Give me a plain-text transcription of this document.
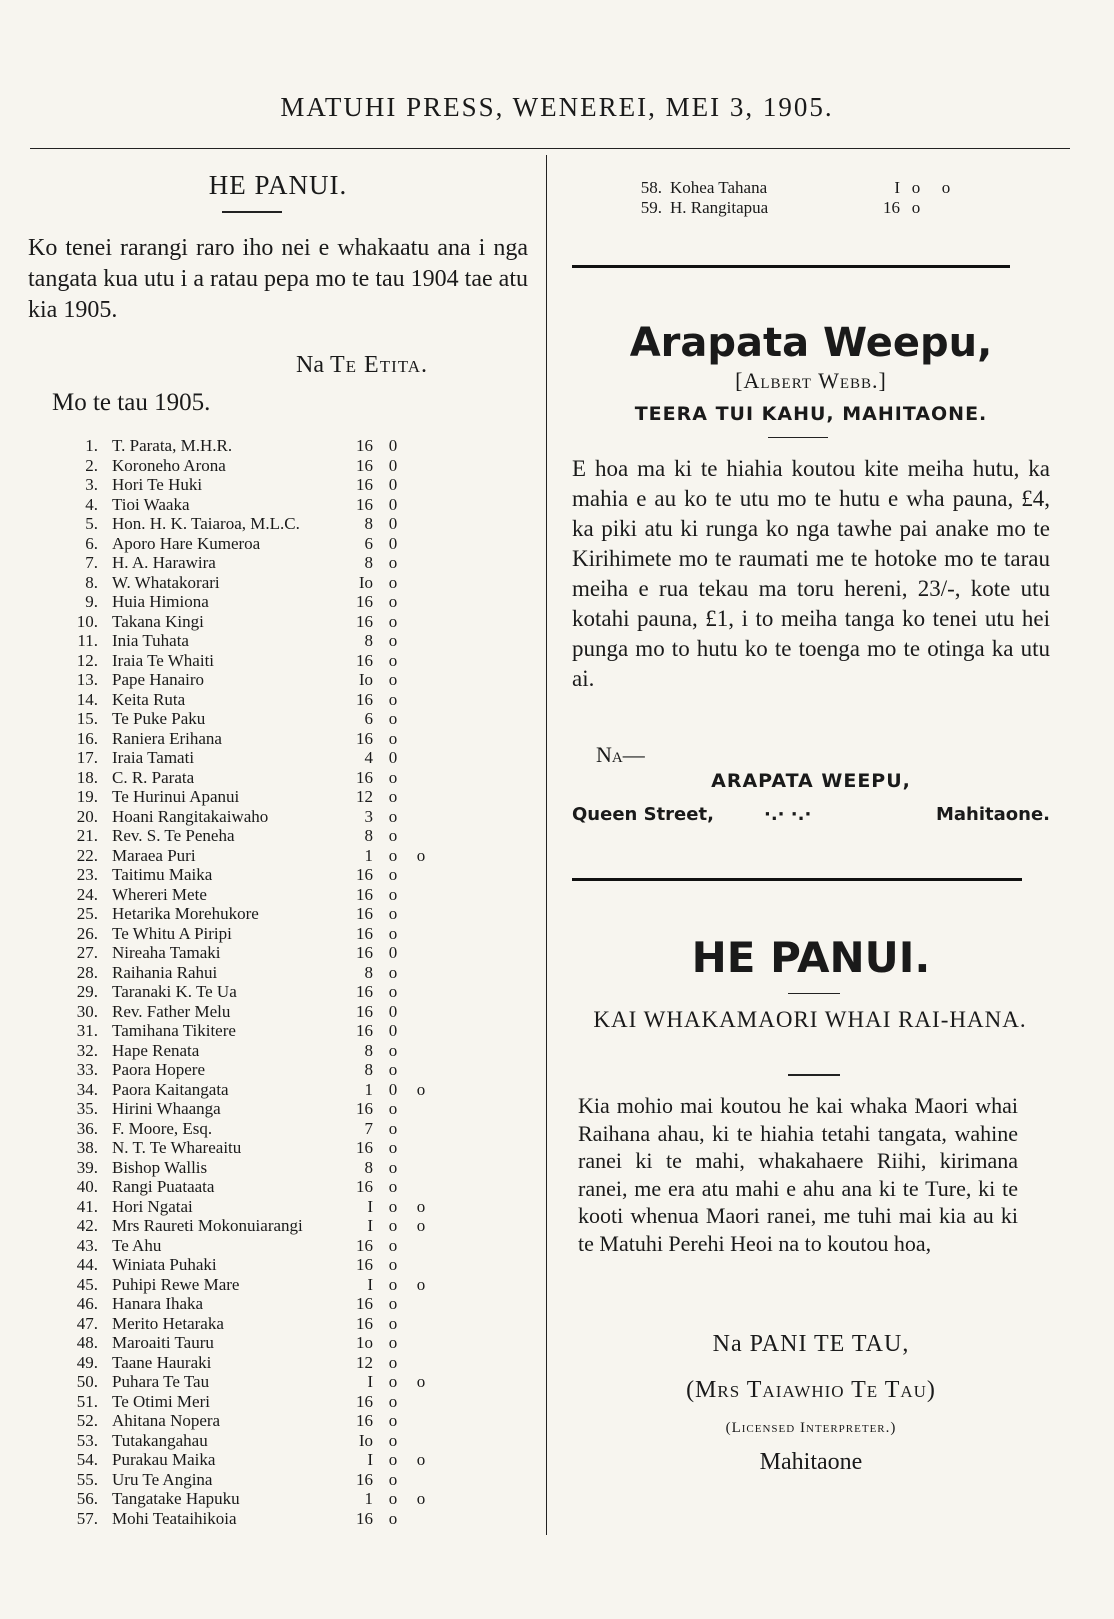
MATUHI PRESS, WENEREI, MEI 3, 1905.
HE PANUI.
Ko tenei rarangi raro iho nei e whakaatu ana i nga tangata kua utu i a ratau pepa mo te tau 1904 tae atu kia 1905.
Na Te Etita.
Mo te tau 1905.
1. T. Parata, M.H.R.	16 0
2. Koroneho Arona	16 0
3. Hori Te Huki	16 0
4. Tioi Waaka	16 0
5. Hon. H. K. Taiaroa, M.L.C.	8 0
6. Aporo Hare Kumeroa	6 0
7. H. A. Harawira	8 o
8. W. Whatakorari	Io o
9. Huia Himiona	16 o
10. Takana Kingi	16 o
11. Inia Tuhata	8 o
12. Iraia Te Whaiti	16 o
13. Pape Hanairo	Io o
14. Keita Ruta	16 o
15. Te Puke Paku	6 o
16. Raniera Erihana	16 o
17. Iraia Tamati	4 0
18. C. R. Parata	16 o
19. Te Hurinui Apanui	12 o
20. Hoani Rangitakaiwaho	3 o
21. Rev. S. Te Peneha	8 o
22. Maraea Puri	1 o	o
23. Taitimu Maika	16 o
24. Whereri Mete	16 o
25. Hetarika Morehukore	16 o
26. Te Whitu A Piripi	16 o
27. Nireaha Tamaki	16 0
28. Raihania Rahui	8 o
29. Taranaki K. Te Ua	16 o
30. Rev. Father Melu	16 0
31. Tamihana Tikitere	16 0
32. Hape Renata	8 o
33. Paora Hopere	8 o
34. Paora Kaitangata	1 0	o
35. Hirini Whaanga	16 o
36. F. Moore, Esq.	7 o
38. N. T. Te Whareaitu	16 o
39. Bishop Wallis	8 o
40. Rangi Puataata	16 o
41. Hori Ngatai	I o	o
42. Mrs Raureti Mokonuiarangi	I o	o
43. Te Ahu	16 o
44. Winiata Puhaki	16 o
45. Puhipi Rewe Mare	I o	o
46. Hanara Ihaka	16 o
47. Merito Hetaraka	16 o
48. Maroaiti Tauru	1o o
49. Taane Hauraki	12 o
50. Puhara Te Tau	I o	o
51. Te Otimi Meri	16 o
52. Ahitana Nopera	16 o
53. Tutakangahau	Io o
54. Purakau Maika	I o	o
55. Uru Te Angina	16 o
56. Tangatake Hapuku	1 o	o
57. Mohi Teataihikoia	16 o
58. Kohea Tahana	I o	o
59. H. Rangitapua	16 o
Arapata Weepu,
[Albert Webb.]
TEERA TUI KAHU, MAHITAONE.
E hoa ma ki te hiahia koutou kite meiha hutu, ka mahia e au ko te utu mo te hutu e wha pauna, £4, ka piki atu ki runga ko nga tawhe pai anake mo te Kirihimete mo te raumati me te hotoke mo te tarau meiha e rua tekau ma toru hereni, 23/-, kote utu kotahi pauna, £1, i to meiha tanga ko tenei utu hei punga mo to hutu ko te toenga mo te otinga ka utu ai.
Na—
ARAPATA WEEPU,
Queen Street,	·.· ·.·	Mahitaone.
HE PANUI.
KAI WHAKAMAORI WHAI RAI-HANA.
Kia mohio mai koutou he kai whaka Maori whai Raihana ahau, ki te hiahia tetahi tangata, wahine ranei ki te mahi, whakahaere Riihi, kirimana ranei, me era atu mahi e ahu ana ki te Ture, ki te kooti whenua Maori ranei, me tuhi mai kia au ki te Matuhi Perehi Heoi na to koutou hoa,
Na PANI TE TAU,
(Mrs Taiawhio Te Tau)
(Licensed Interpreter.)
Mahitaone
